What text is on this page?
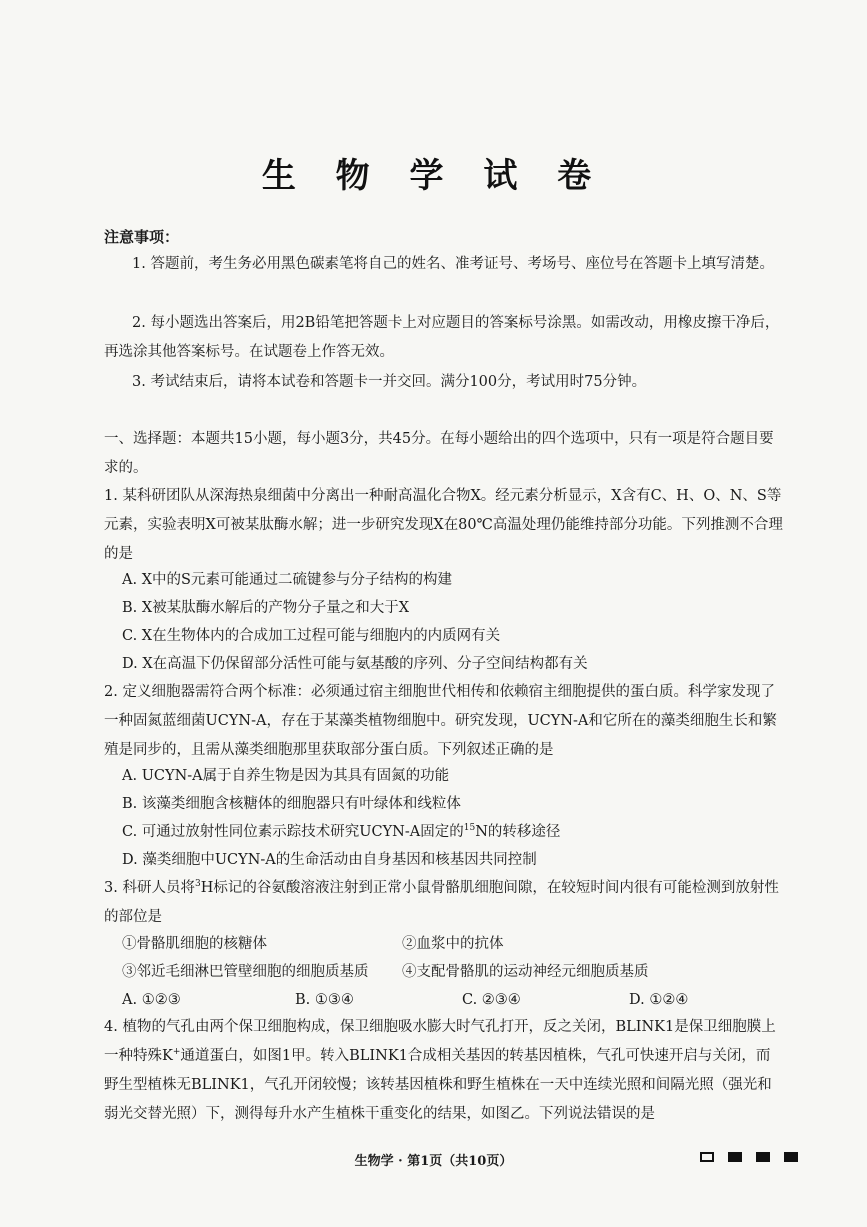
生 物 学 试 卷
注意事项：
1. 答题前，考生务必用黑色碳素笔将自己的姓名、准考证号、考场号、座位号在答题卡上填写清楚。
2. 每小题选出答案后，用2B铅笔把答题卡上对应题目的答案标号涂黑。如需改动，用橡皮擦干净后，再选涂其他答案标号。在试题卷上作答无效。
3. 考试结束后，请将本试卷和答题卡一并交回。满分100分，考试用时75分钟。
一、选择题：本题共15小题，每小题3分，共45分。在每小题给出的四个选项中，只有一项是符合题目要求的。
1. 某科研团队从深海热泉细菌中分离出一种耐高温化合物X。经元素分析显示，X含有C、H、O、N、S等元素，实验表明X可被某肽酶水解；进一步研究发现X在80℃高温处理仍能维持部分功能。下列推测不合理的是
A. X中的S元素可能通过二硫键参与分子结构的构建
B. X被某肽酶水解后的产物分子量之和大于X
C. X在生物体内的合成加工过程可能与细胞内的内质网有关
D. X在高温下仍保留部分活性可能与氨基酸的序列、分子空间结构都有关
2. 定义细胞器需符合两个标准：必须通过宿主细胞世代相传和依赖宿主细胞提供的蛋白质。科学家发现了一种固氮蓝细菌UCYN-A，存在于某藻类植物细胞中。研究发现，UCYN-A和它所在的藻类细胞生长和繁殖是同步的，且需从藻类细胞那里获取部分蛋白质。下列叙述正确的是
A. UCYN-A属于自养生物是因为其具有固氮的功能
B. 该藻类细胞含核糖体的细胞器只有叶绿体和线粒体
C. 可通过放射性同位素示踪技术研究UCYN-A固定的$^{15}$N的转移途径
D. 藻类细胞中UCYN-A的生命活动由自身基因和核基因共同控制
3. 科研人员将$^3$H标记的谷氨酸溶液注射到正常小鼠骨骼肌细胞间隙，在较短时间内很有可能检测到放射性的部位是
①骨骼肌细胞的核糖体	②血浆中的抗体
③邻近毛细淋巴管壁细胞的细胞质基质 ④支配骨骼肌的运动神经元细胞质基质
A. ①②③	B. ①③④	C. ②③④	D. ①②④
4. 植物的气孔由两个保卫细胞构成，保卫细胞吸水膨大时气孔打开，反之关闭，BLINK1是保卫细胞膜上一种特殊K+通道蛋白，如图1甲。转入BLINK1合成相关基因的转基因植株，气孔可快速开启与关闭，而野生型植株无BLINK1，气孔开闭较慢；该转基因植株和野生植株在一天中连续光照和间隔光照（强光和弱光交替光照）下，测得每升水产生植株干重变化的结果，如图乙。下列说法错误的是
生物学 · 第1页（共10页）
